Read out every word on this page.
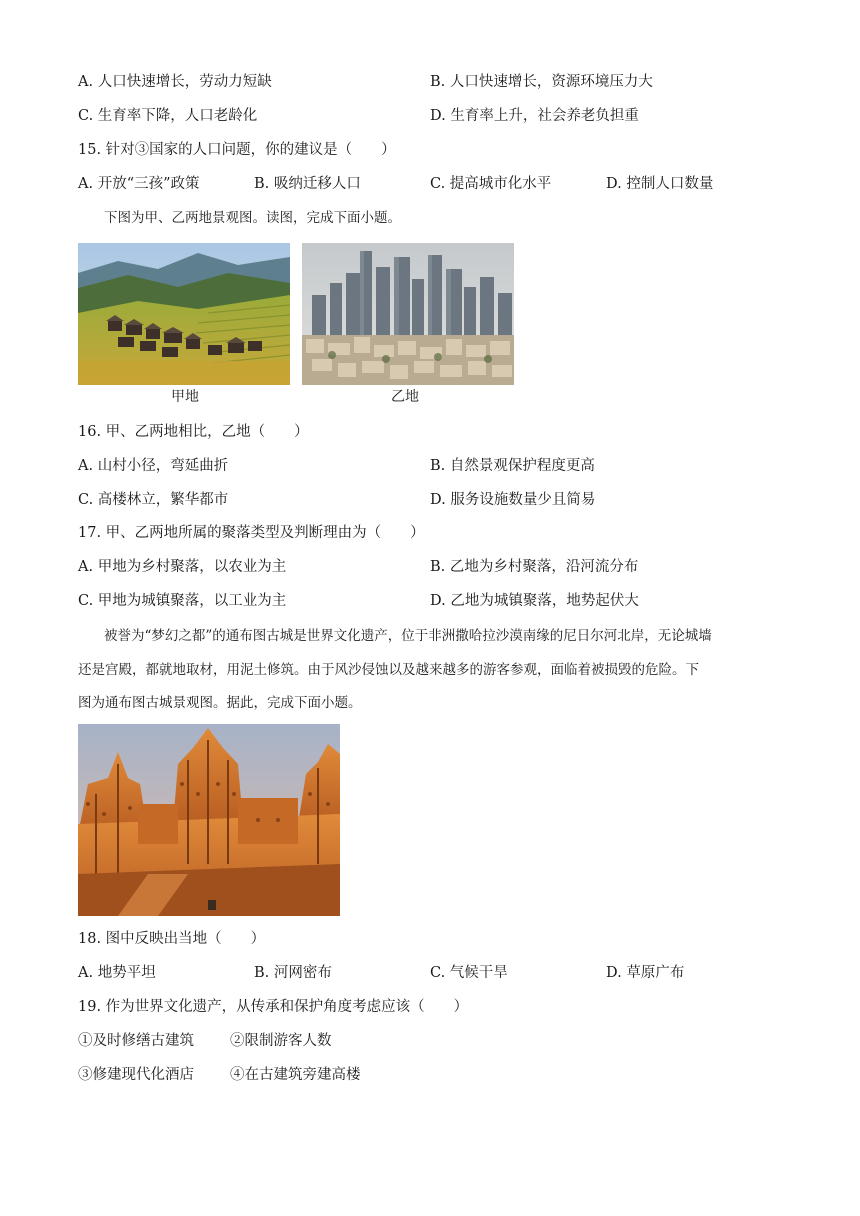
A. 人口快速增长，劳动力短缺	B. 人口快速增长，资源环境压力大
C. 生育率下降，人口老龄化	D. 生育率上升，社会养老负担重
15. 针对③国家的人口问题，你的建议是（　　）
A. 开放“三孩”政策	B. 吸纳迁移人口	C. 提高城市化水平	D. 控制人口数量
下图为甲、乙两地景观图。读图，完成下面小题。
甲地	乙地
16. 甲、乙两地相比，乙地（　　）
A. 山村小径，弯延曲折	B. 自然景观保护程度更高
C. 高楼林立，繁华都市	D. 服务设施数量少且简易
17. 甲、乙两地所属的聚落类型及判断理由为（　　）
A. 甲地为乡村聚落，以农业为主	B. 乙地为乡村聚落，沿河流分布
C. 甲地为城镇聚落，以工业为主	D. 乙地为城镇聚落，地势起伏大
被誉为“梦幻之都”的通布图古城是世界文化遗产，位于非洲撒哈拉沙漠南缘的尼日尔河北岸，无论城墙
还是宫殿，都就地取材，用泥土修筑。由于风沙侵蚀以及越来越多的游客参观，面临着被损毁的危险。下
图为通布图古城景观图。据此，完成下面小题。
18. 图中反映出当地（　　）
A. 地势平坦	B. 河网密布	C. 气候干旱	D. 草原广布
19. 作为世界文化遗产，从传承和保护角度考虑应该（　　）
①及时修缮古建筑 ②限制游客人数
③修建现代化酒店 ④在古建筑旁建高楼
